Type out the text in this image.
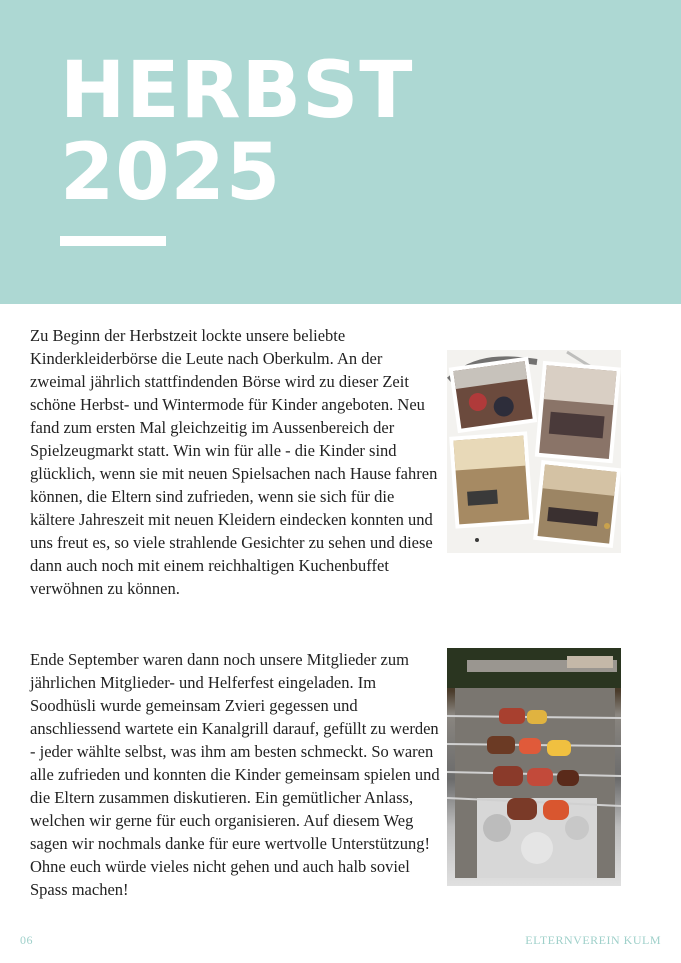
HERBST
2025

Zu Beginn der Herbstzeit lockte unsere beliebte Kinderkleiderbörse die Leute nach Oberkulm. An der zweimal jährlich stattfindenden Börse wird zu dieser Zeit schöne Herbst- und Wintermode für Kinder angeboten. Neu fand zum ersten Mal gleichzeitig im Aussenbereich der Spielzeugmarkt statt. Win win für alle - die Kinder sind glücklich, wenn sie mit neuen Spielsachen nach Hause fahren können, die Eltern sind zufrieden, wenn sie sich für die kältere Jahreszeit mit neuen Kleidern eindecken konnten und uns freut es, so viele strahlende Gesichter zu sehen und diese dann auch noch mit einem reichhaltigen Kuchenbuffet verwöhnen zu können.

Ende September waren dann noch unsere Mitglieder zum jährlichen Mitglieder- und Helferfest eingeladen. Im Soodhüsli wurde gemeinsam Zvieri gegessen und anschliessend wartete ein Kanalgrill darauf, gefüllt zu werden - jeder wählte selbst, was ihm am besten schmeckt. So waren alle zufrieden und konnten die Kinder gemeinsam spielen und die Eltern zusammen diskutieren. Ein gemütlicher Anlass, welchen wir gerne für euch organisieren. Auf diesem Weg sagen wir nochmals danke für eure wertvolle Unterstützung! Ohne euch würde vieles nicht gehen und auch halb soviel Spass machen!

06	ELTERNVEREIN KULM
